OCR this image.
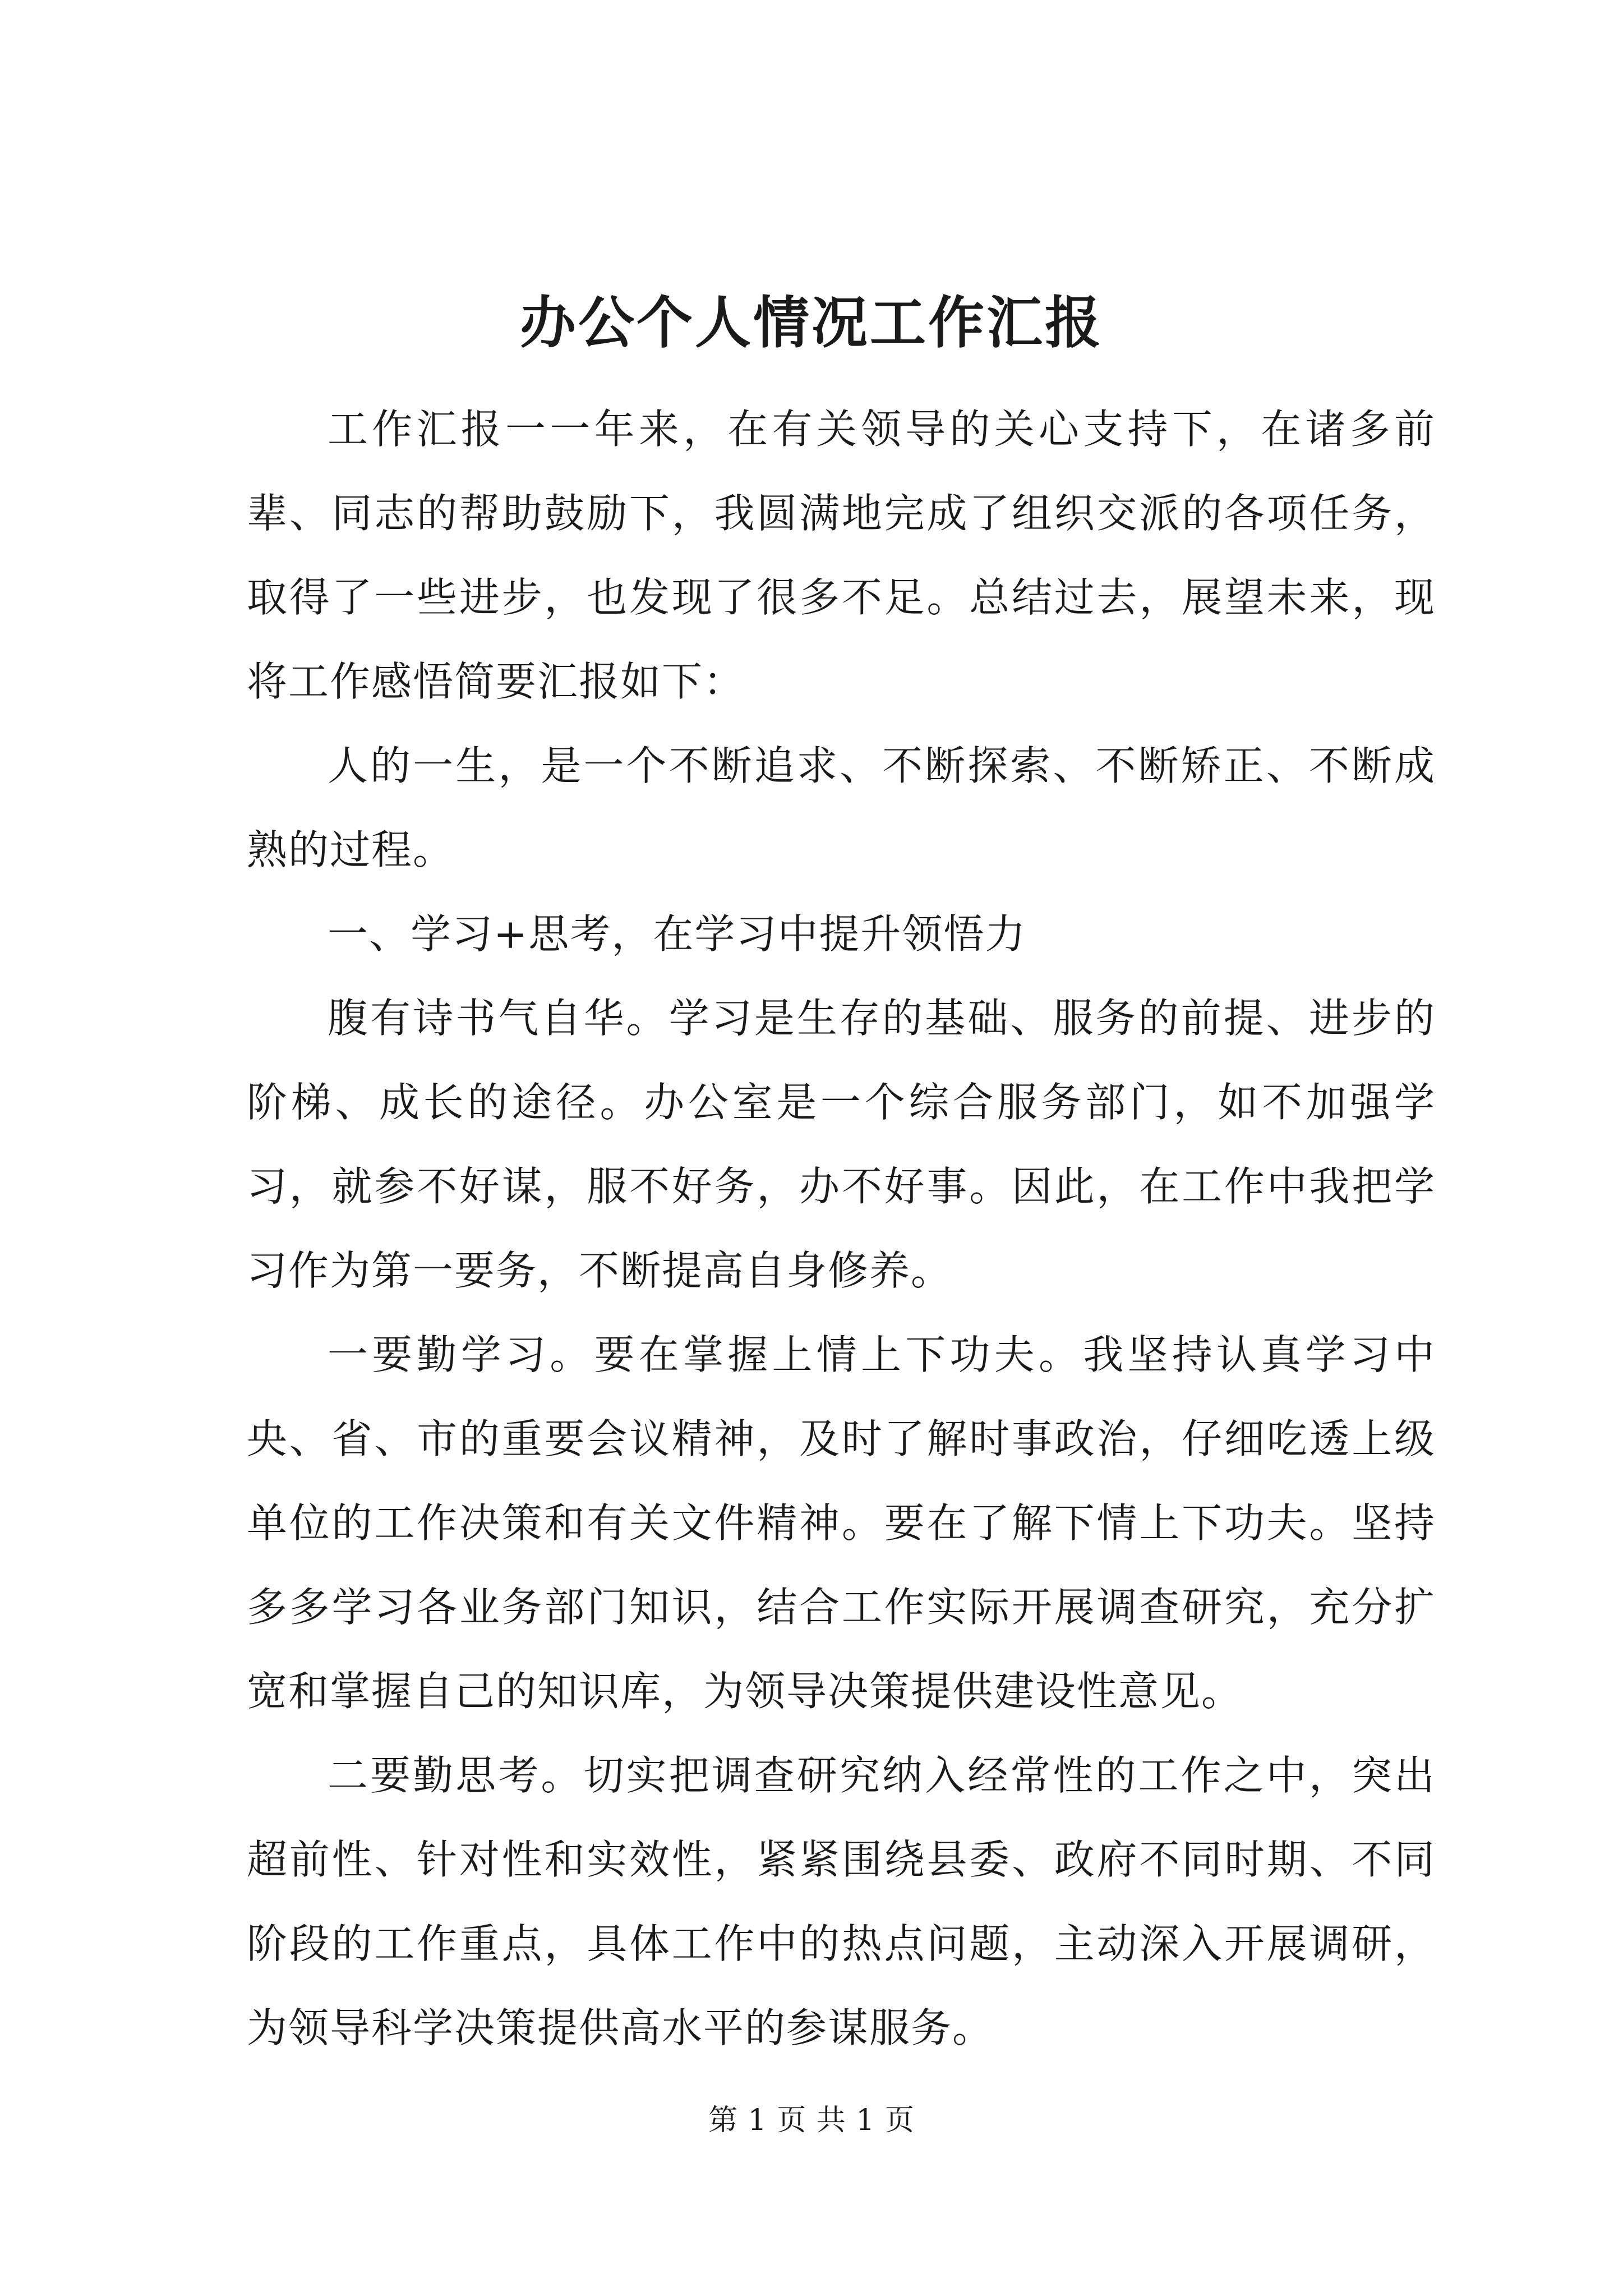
办公个人情况工作汇报

工作汇报一一年来，在有关领导的关心支持下，在诸多前辈、同志的帮助鼓励下，我圆满地完成了组织交派的各项任务，取得了一些进步，也发现了很多不足。总结过去，展望未来，现将工作感悟简要汇报如下：

人的一生，是一个不断追求、不断探索、不断矫正、不断成熟的过程。

一、学习+思考，在学习中提升领悟力

腹有诗书气自华。学习是生存的基础、服务的前提、进步的阶梯、成长的途径。办公室是一个综合服务部门，如不加强学习，就参不好谋，服不好务，办不好事。因此，在工作中我把学习作为第一要务，不断提高自身修养。

一要勤学习。要在掌握上情上下功夫。我坚持认真学习中央、省、市的重要会议精神，及时了解时事政治，仔细吃透上级单位的工作决策和有关文件精神。要在了解下情上下功夫。坚持多多学习各业务部门知识，结合工作实际开展调查研究，充分扩宽和掌握自己的知识库，为领导决策提供建设性意见。

二要勤思考。切实把调查研究纳入经常性的工作之中，突出超前性、针对性和实效性，紧紧围绕县委、政府不同时期、不同阶段的工作重点，具体工作中的热点问题，主动深入开展调研，为领导科学决策提供高水平的参谋服务。

第 1 页 共 1 页
